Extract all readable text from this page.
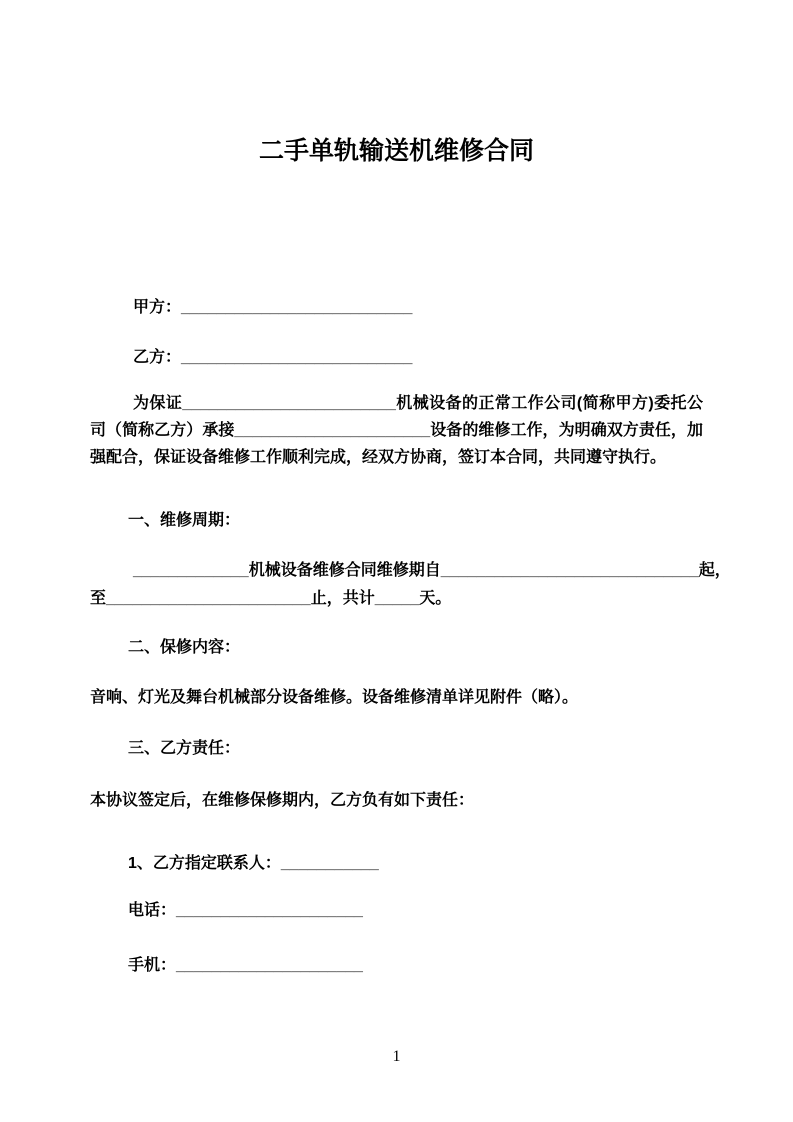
二手单轨输送机维修合同
甲方：__________________________
乙方：__________________________
为保证________________________机械设备的正常工作公司(简称甲方)委托公司（简称乙方）承接______________________设备的维修工作，为明确双方责任，加强配合，保证设备维修工作顺利完成，经双方协商，签订本合同，共同遵守执行。
一、维修周期：
_____________机械设备维修合同维修期自_____________________________起，
至_______________________止，共计_____天。
二、保修内容：
音响、灯光及舞台机械部分设备维修。设备维修清单详见附件（略）。
三、乙方责任：
本协议签定后，在维修保修期内，乙方负有如下责任：
1、乙方指定联系人：___________
电话：_____________________
手机：_____________________
1
